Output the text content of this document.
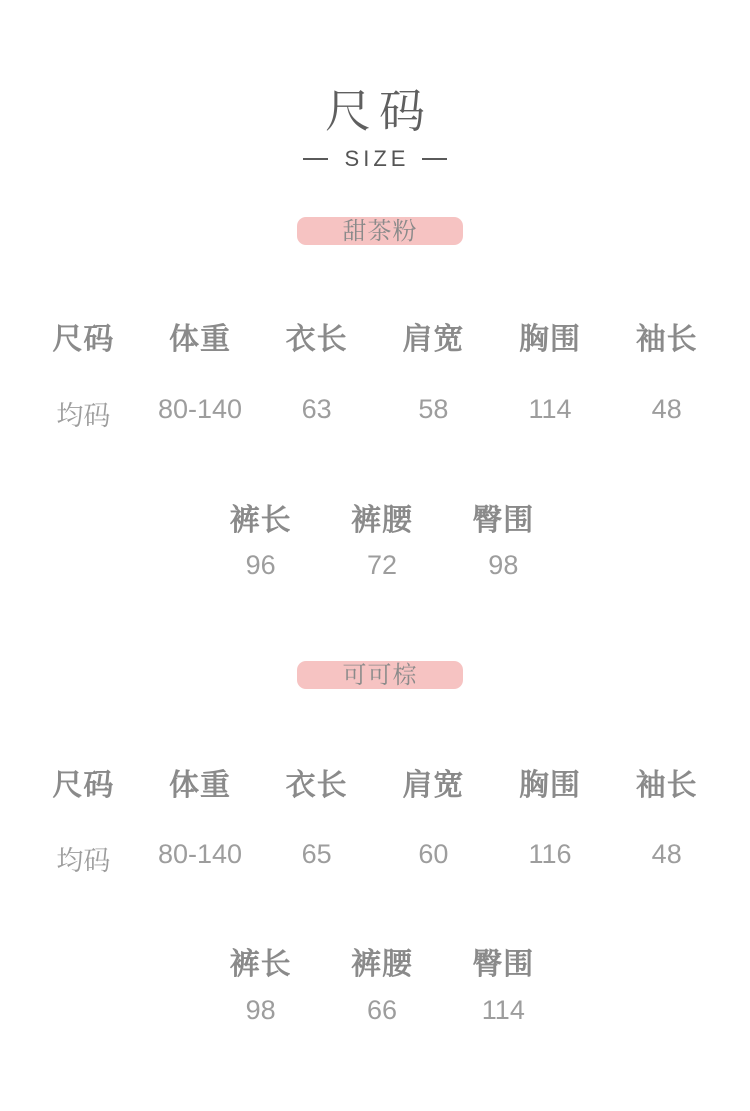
尺码
SIZE
甜茶粉
尺码	体重	衣长	肩宽	胸围	袖长
均码	80-140	63	58	114	48
裤长	裤腰	臀围
96	72	98
可可棕
尺码	体重	衣长	肩宽	胸围	袖长
均码	80-140	65	60	116	48
裤长	裤腰	臀围
98	66	114
